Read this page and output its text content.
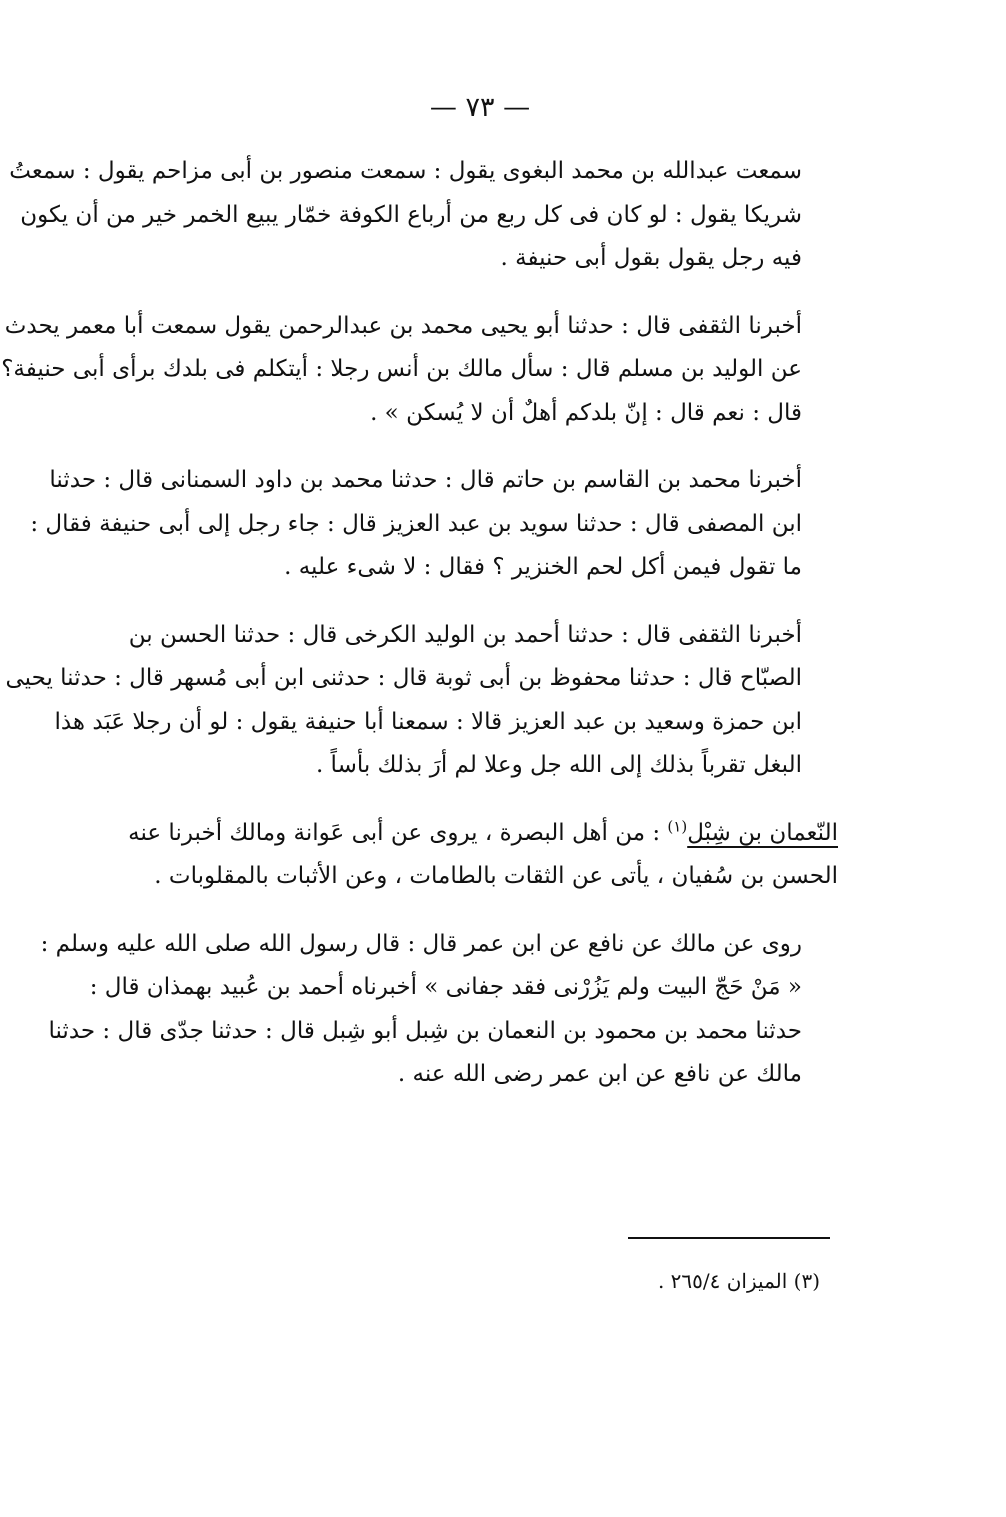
— ٧٣ —

سمعت عبدالله بن محمد البغوى يقول : سمعت منصور بن أبى مزاحم يقول : سمعتُ
شريكا يقول : لو كان فى كل ربع من أرباع الكوفة خمّار يبيع الخمر خير من أن يكون
فيه رجل يقول بقول أبى حنيفة .

أخبرنا الثقفى قال : حدثنا أبو يحيى محمد بن عبدالرحمن يقول سمعت أبا معمر يحدث
عن الوليد بن مسلم قال : سأل مالك بن أنس رجلا : أيتكلم فى بلدك برأى أبى حنيفة؟
قال : نعم قال : إنّ بلدكم أهلٌ أن لا يُسكن » .

أخبرنا محمد بن القاسم بن حاتم قال : حدثنا محمد بن داود السمنانى قال : حدثنا
ابن المصفى قال : حدثنا سويد بن عبد العزيز قال : جاء رجل إلى أبى حنيفة فقال :
ما تقول فيمن أكل لحم الخنزير ؟ فقال : لا شىء عليه .

أخبرنا الثقفى قال : حدثنا أحمد بن الوليد الكرخى قال : حدثنا الحسن بن
الصبّاح قال : حدثنا محفوظ بن أبى ثوبة قال : حدثنى ابن أبى مُسهر قال : حدثنا يحيى
ابن حمزة وسعيد بن عبد العزيز قالا : سمعنا أبا حنيفة يقول : لو أن رجلا عَبَد هذا
البغل تقرباً بذلك إلى الله جل وعلا لم أرَ بذلك بأساً .

النّعمان بن شِبْل$^{(١)}$ : من أهل البصرة ، يروى عن أبى عَوانة ومالك أخبرنا عنه
الحسن بن سُفيان ، يأتى عن الثقات بالطامات ، وعن الأثبات بالمقلوبات .

روى عن مالك عن نافع عن ابن عمر قال : قال رسول الله صلى الله عليه وسلم :
« مَنْ حَجّ البيت ولم يَزُرْنى فقد جفانى » أخبرناه أحمد بن عُبيد بهمذان قال :
حدثنا محمد بن محمود بن النعمان بن شِبل أبو شِبل قال : حدثنا جدّى قال : حدثنا
مالك عن نافع عن ابن عمر رضى الله عنه .

(٣) الميزان ٢٦٥/٤ .
